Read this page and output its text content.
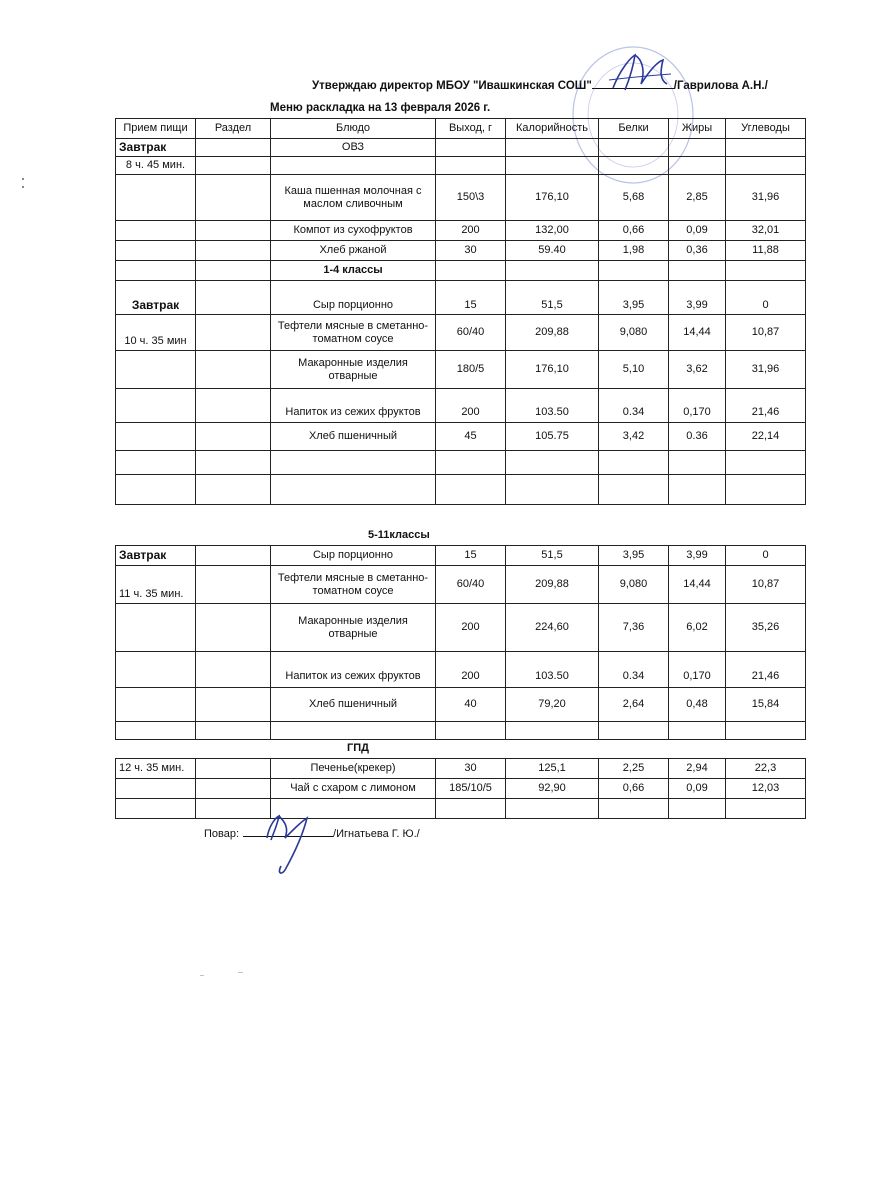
Утверждаю директор МБОУ "Ивашкинская СОШ"	/Гаврилова А.Н./
Меню раскладка на 13 февраля 2026 г.
Прием пищи	Раздел	Блюдо	Выход, г	Калорийность	Белки	Жиры	Углеводы
Завтрак		ОВЗ					
8 ч. 45 мин.							
		Каша пшенная молочная с маслом сливочным	150\3	176,10	5,68	2,85	31,96
		Компот из сухофруктов	200	132,00	0,66	0,09	32,01
		Хлеб ржаной	30	59.40	1,98	0,36	11,88
		1-4 классы					
Завтрак		Сыр порционно	15	51,5	3,95	3,99	0
10 ч. 35 мин		Тефтели мясные в сметанно-томатном соусе	60/40	209,88	9,080	14,44	10,87
		Макаронные изделия отварные	180/5	176,10	5,10	3,62	31,96
		Напиток из сежих фруктов	200	103.50	0.34	0,170	21,46
		Хлеб пшеничный	45	105.75	3,42	0.36	22,14

5-11классы
Завтрак		Сыр порционно	15	51,5	3,95	3,99	0
11 ч. 35 мин.		Тефтели мясные в сметанно-томатном соусе	60/40	209,88	9,080	14,44	10,87
		Макаронные изделия отварные	200	224,60	7,36	6,02	35,26
		Напиток из сежих фруктов	200	103.50	0.34	0,170	21,46
		Хлеб пшеничный	40	79,20	2,64	0,48	15,84

ГПД
12 ч. 35 мин.		Печенье(крекер)	30	125,1	2,25	2,94	22,3
		Чай с схаром с лимоном	185/10/5	92,90	0,66	0,09	12,03

Повар:	/Игнатьева Г. Ю./
